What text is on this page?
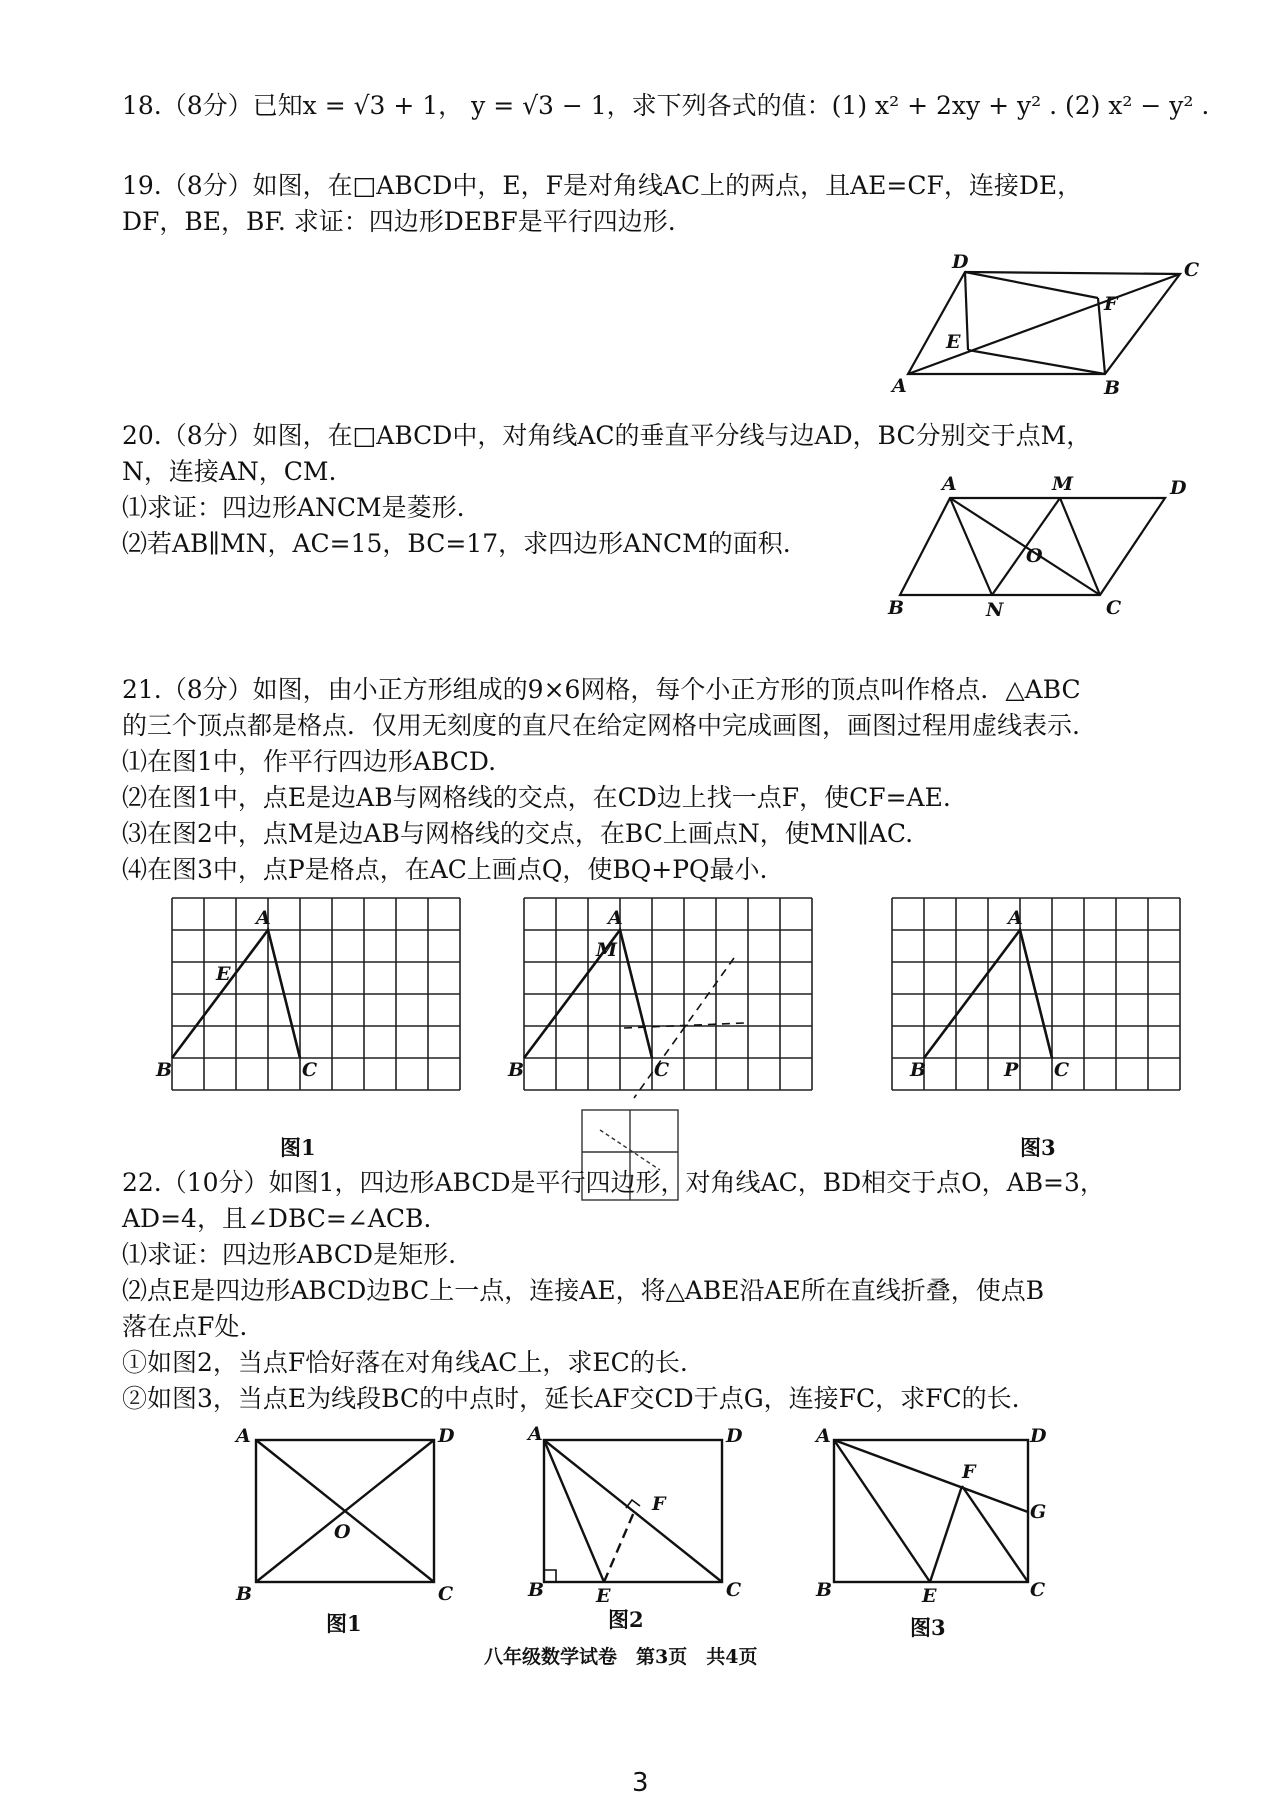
18.（8分）已知x = √3 + 1， y = √3 − 1，求下列各式的值：(1) x² + 2xy + y² . (2) x² − y² .
19.（8分）如图，在□ABCD中，E，F是对角线AC上的两点，且AE=CF，连接DE，
DF，BE，BF. 求证：四边形DEBF是平行四边形.
D	C
F
E
A	B
20.（8分）如图，在□ABCD中，对角线AC的垂直平分线与边AD，BC分别交于点M，
N，连接AN，CM.
⑴求证：四边形ANCM是菱形.
⑵若AB∥MN，AC=15，BC=17，求四边形ANCM的面积.
A	M	D
O
B	N	C
21.（8分）如图，由小正方形组成的9×6网格，每个小正方形的顶点叫作格点．△ABC
的三个顶点都是格点．仅用无刻度的直尺在给定网格中完成画图，画图过程用虚线表示.
⑴在图1中，作平行四边形ABCD.
⑵在图1中，点E是边AB与网格线的交点，在CD边上找一点F，使CF=AE.
⑶在图2中，点M是边AB与网格线的交点，在BC上画点N，使MN∥AC.
⑷在图3中，点P是格点，在AC上画点Q，使BQ+PQ最小.
A
B	C
E
A
M
B	C
A
B	P C
图1	图3
22.（10分）如图1，四边形ABCD是平行四边形，对角线AC，BD相交于点O，AB=3，
AD=4，且∠DBC=∠ACB.
⑴求证：四边形ABCD是矩形.
⑵点E是四边形ABCD边BC上一点，连接AE，将△ABE沿AE所在直线折叠，使点B
落在点F处.
①如图2，当点F恰好落在对角线AC上，求EC的长.
②如图3，当点E为线段BC的中点时，延长AF交CD于点G，连接FC，求FC的长.
A	D
O
B	C
A	D
F
B	E	C
A	D
F
G
B	E	C
图1	图2	图3
八年级数学试卷　第3页　共4页
3
